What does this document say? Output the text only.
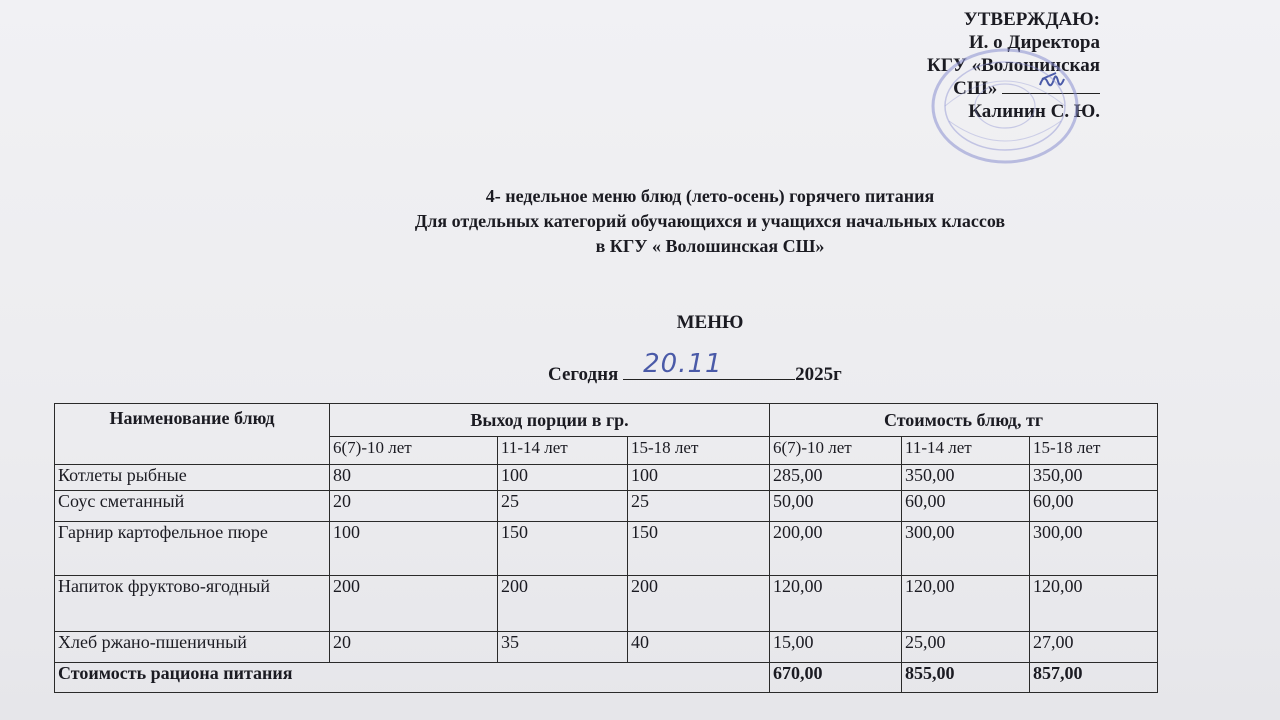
УТВЕРЖДАЮ:
И. о Директора
КГУ «Волошинская
СШ»
Калинин С. Ю.
4- недельное меню блюд (лето-осень) горячего питания
Для отдельных категорий обучающихся и учащихся начальных классов
в КГУ « Волошинская СШ»
МЕНЮ
Сегодня 20.11	2025г
Наименование блюд	Выход порции в гр.			Стоимость блюд, тг		
	6(7)-10 лет	11-14 лет	15-18 лет	6(7)-10 лет	11-14 лет	15-18 лет
Котлеты рыбные	80	100	100	285,00	350,00	350,00
Соус сметанный	20	25	25	50,00	60,00	60,00
Гарнир картофельное пюре	100	150	150	200,00	300,00	300,00
Напиток фруктово-ягодный	200	200	200	120,00	120,00	120,00
Хлеб ржано-пшеничный	20	35	40	15,00	25,00	27,00
Стоимость рациона питания				670,00	855,00	857,00
